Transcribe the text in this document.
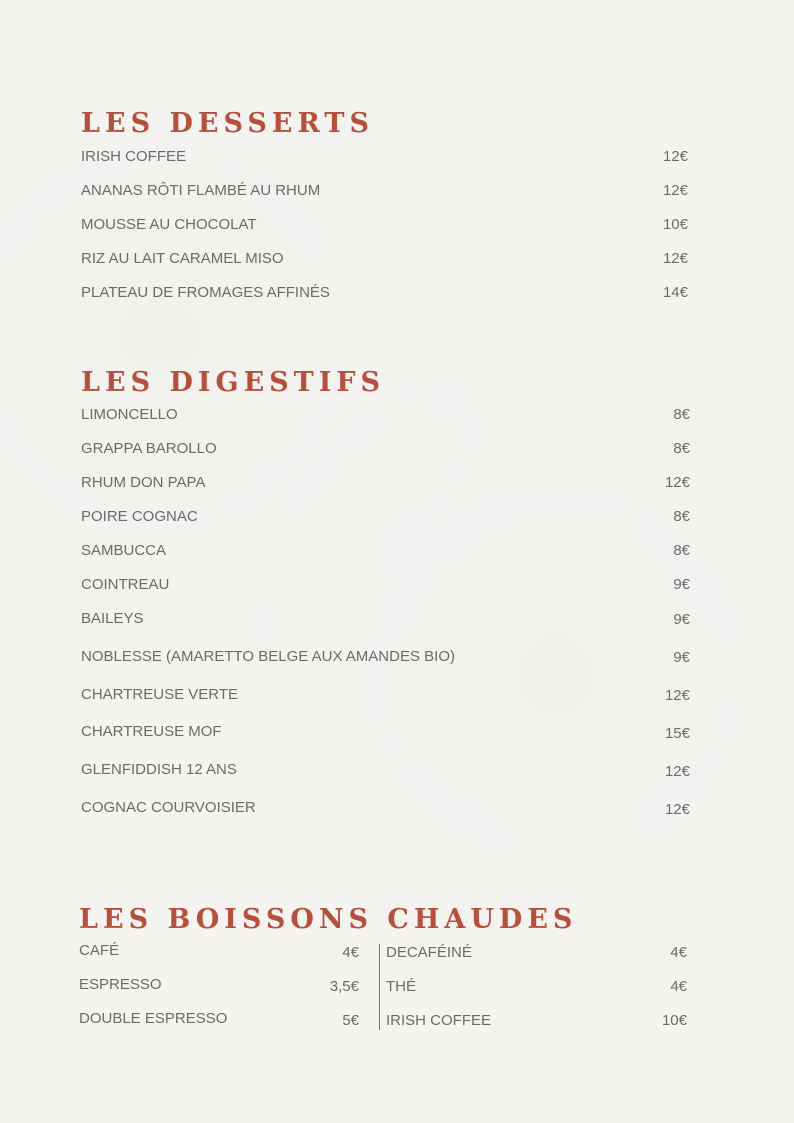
LES DESSERTS
IRISH COFFEE	12€
ANANAS RÔTI FLAMBÉ AU RHUM	12€
MOUSSE AU CHOCOLAT	10€
RIZ AU LAIT CARAMEL MISO	12€
PLATEAU DE FROMAGES AFFINÉS	14€
LES DIGESTIFS
LIMONCELLO	8€
GRAPPA BAROLLO	8€
RHUM DON PAPA	12€
POIRE COGNAC	8€
SAMBUCCA	8€
COINTREAU	9€
BAILEYS	9€
NOBLESSE (AMARETTO BELGE AUX AMANDES BIO)	9€
CHARTREUSE VERTE	12€
CHARTREUSE MOF	15€
GLENFIDDISH 12 ANS	12€
COGNAC COURVOISIER	12€
LES BOISSONS CHAUDES
CAFÉ	4€
ESPRESSO	3,5€
DOUBLE ESPRESSO	5€
DECAFÉINÉ	4€
THÉ	4€
IRISH COFFEE	10€
